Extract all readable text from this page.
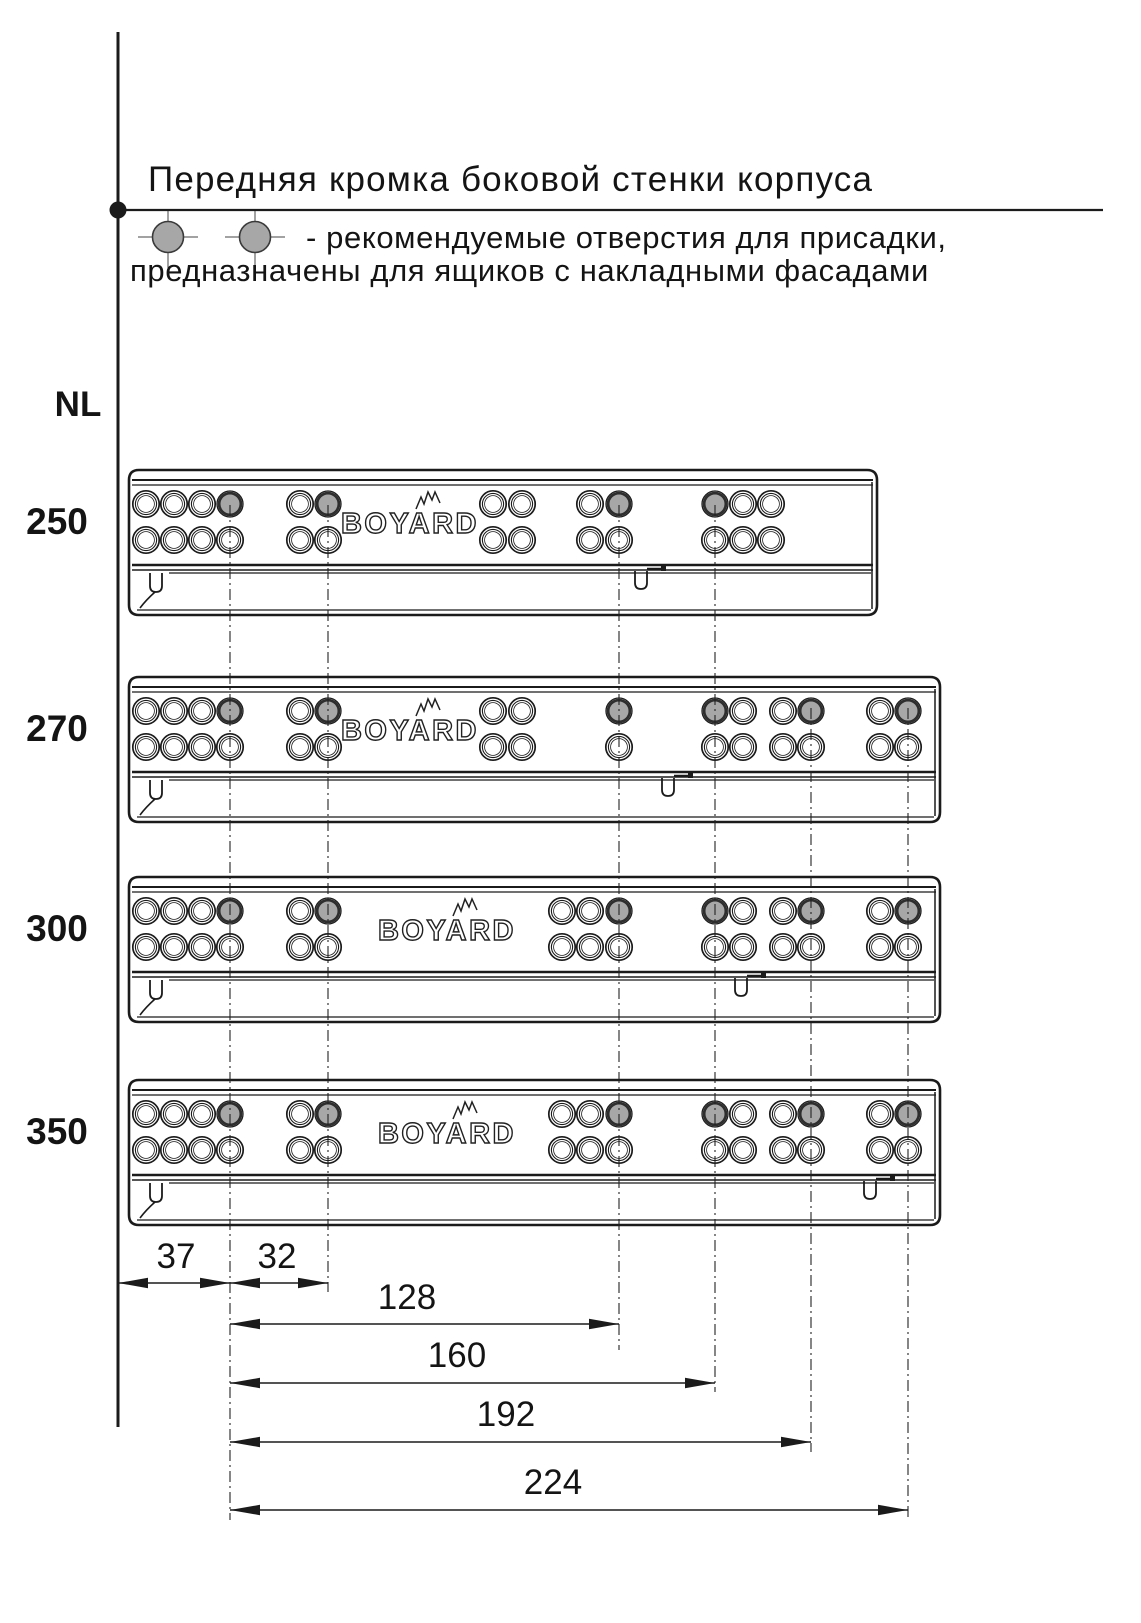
BOYARD
BOYARD
BOYARD
BOYARD
Передняя кромка боковой стенки корпуса
- рекомендуемые отверстия для присадки,
предназначены для ящиков с накладными фасадами
NL
250
270
300
350
37 32
128
160
192
224
